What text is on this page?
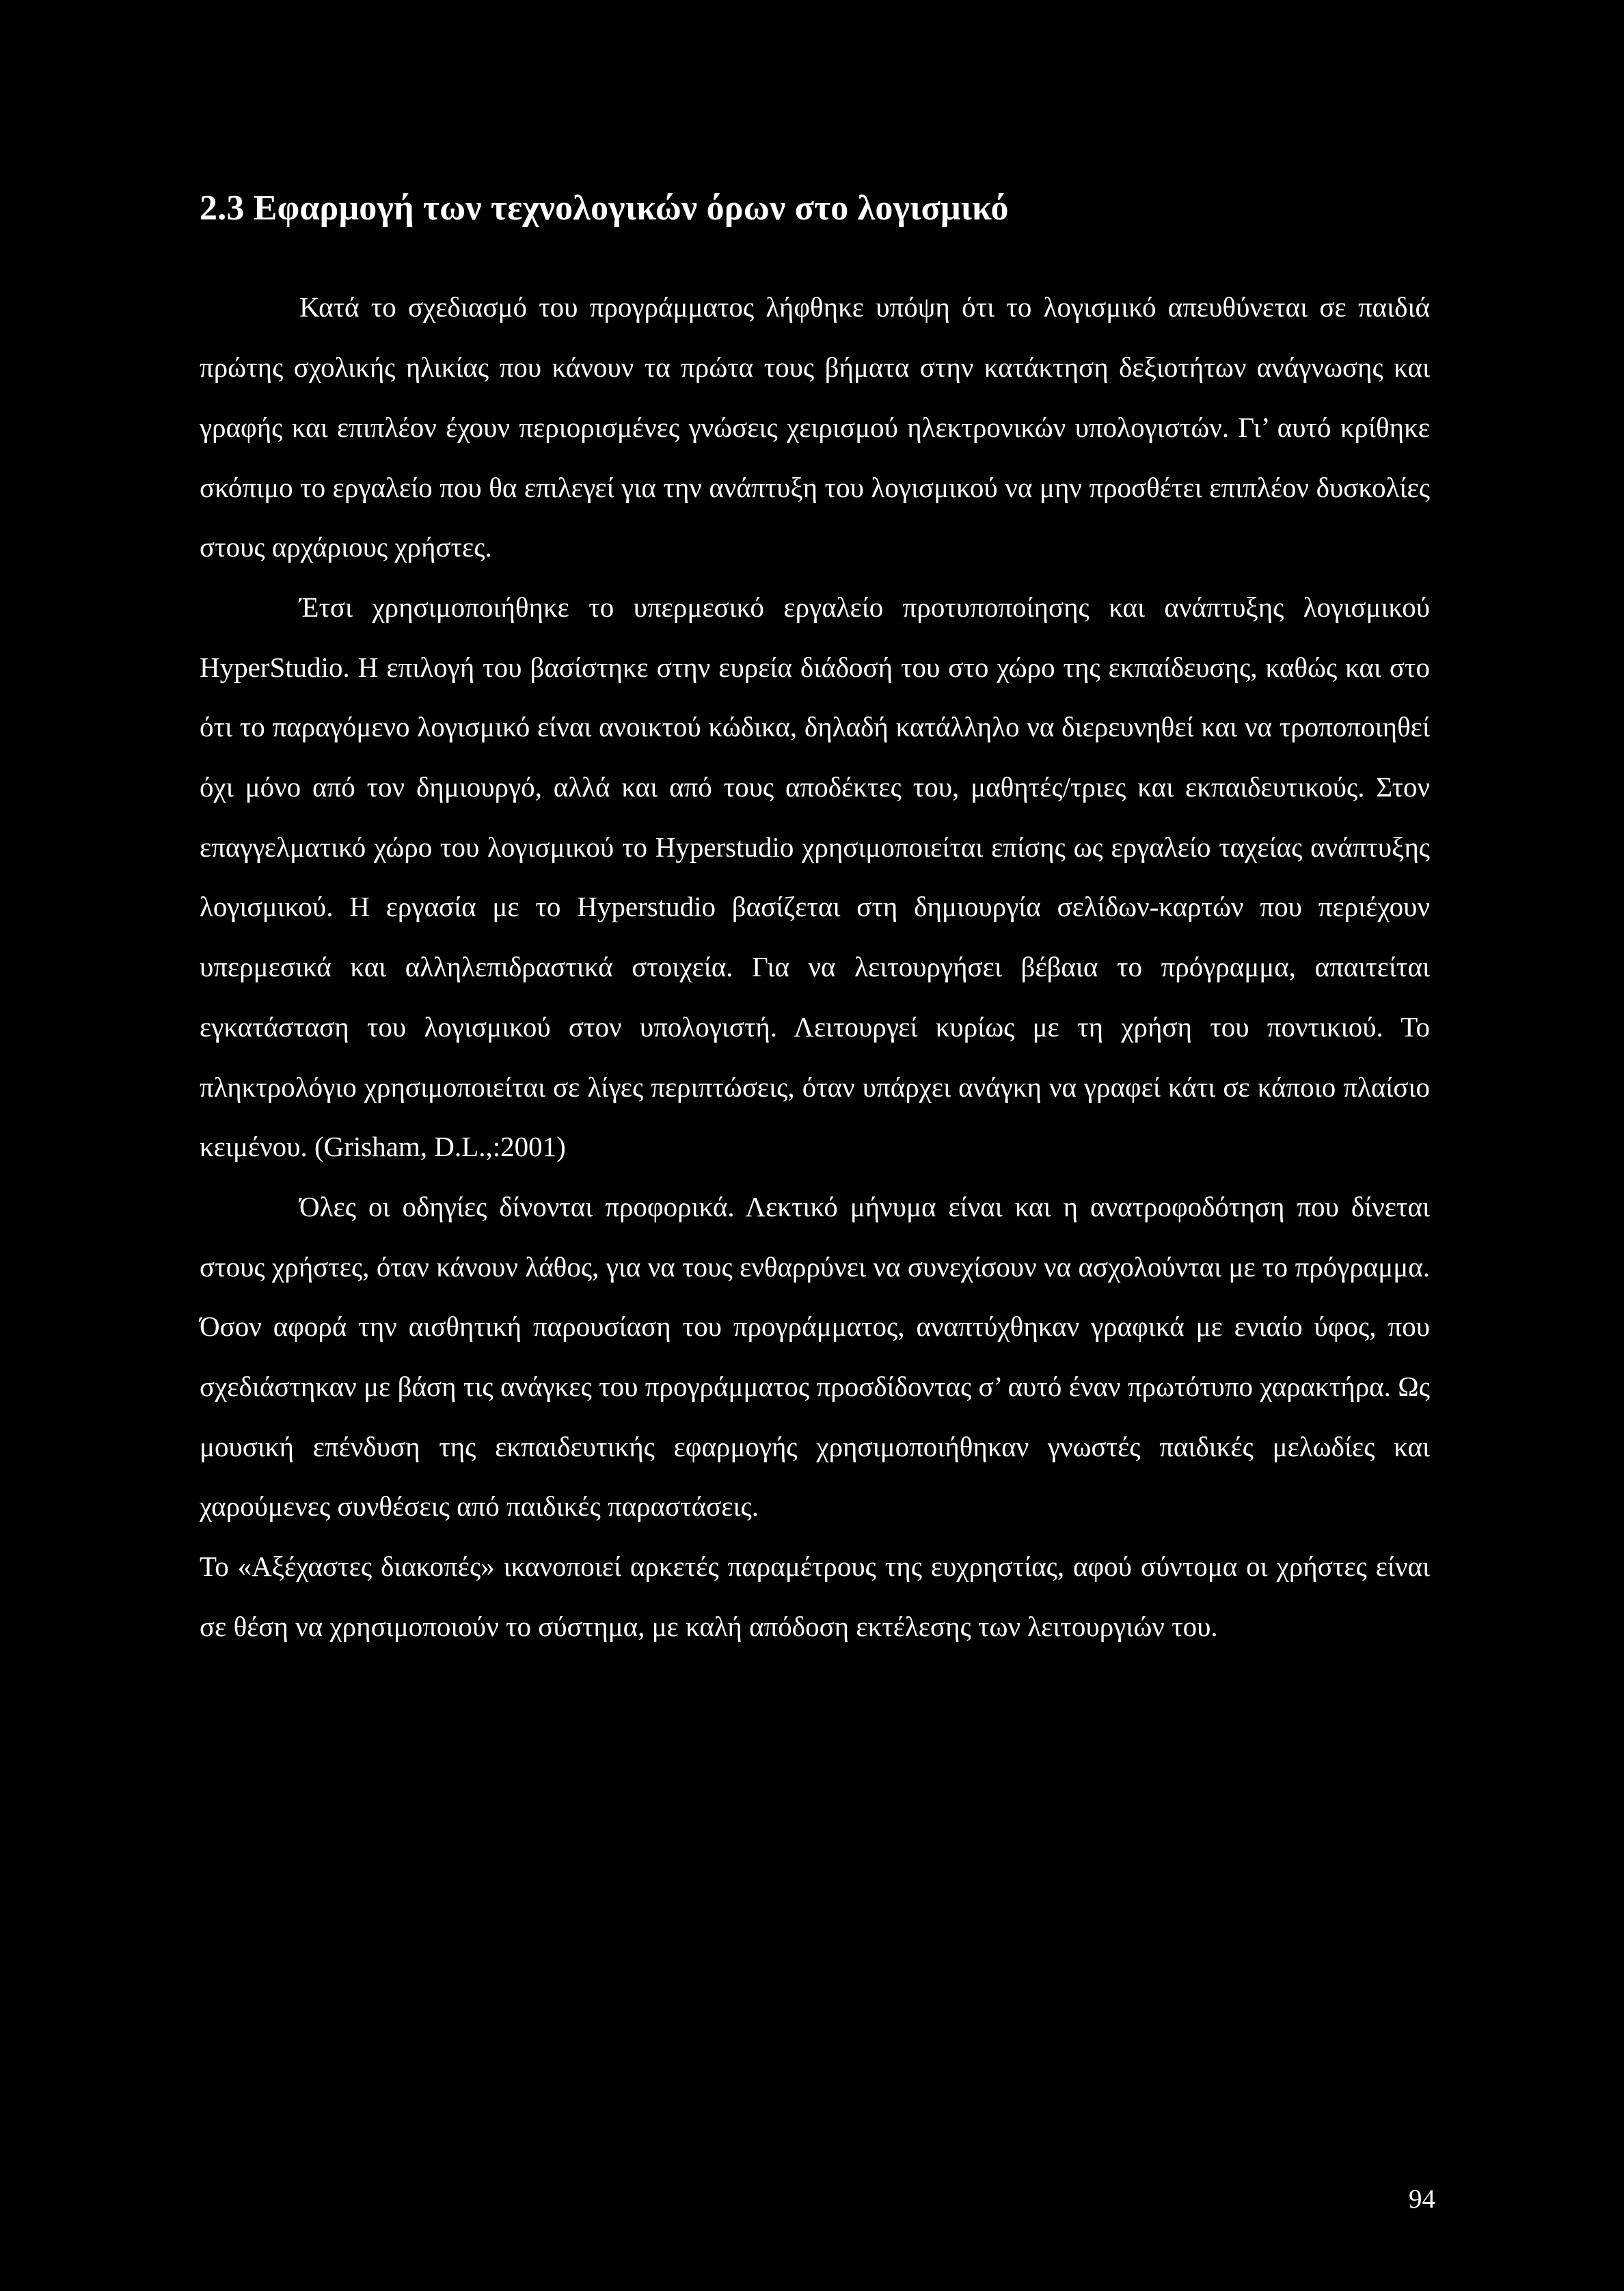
2.3 Εφαρμογή των τεχνολογικών όρων στο λογισμικό

Κατά το σχεδιασμό του προγράμματος λήφθηκε υπόψη ότι το λογισμικό απευθύνεται σε παιδιά πρώτης σχολικής ηλικίας που κάνουν τα πρώτα τους βήματα στην κατάκτηση δεξιοτήτων ανάγνωσης και γραφής και επιπλέον έχουν περιορισμένες γνώσεις χειρισμού ηλεκτρονικών υπολογιστών. Γι’ αυτό κρίθηκε σκόπιμο το εργαλείο που θα επιλεγεί για την ανάπτυξη του λογισμικού να μην προσθέτει επιπλέον δυσκολίες στους αρχάριους χρήστες.

Έτσι χρησιμοποιήθηκε το υπερμεσικό εργαλείο προτυποποίησης και ανάπτυξης λογισμικού HyperStudio. Η επιλογή του βασίστηκε στην ευρεία διάδοσή του στο χώρο της εκπαίδευσης, καθώς και στο ότι το παραγόμενο λογισμικό είναι ανοικτού κώδικα, δηλαδή κατάλληλο να διερευνηθεί και να τροποποιηθεί όχι μόνο από τον δημιουργό, αλλά και από τους αποδέκτες του, μαθητές/τριες και εκπαιδευτικούς. Στον επαγγελματικό χώρο του λογισμικού το Hyperstudio χρησιμοποιείται επίσης ως εργαλείο ταχείας ανάπτυξης λογισμικού. Η εργασία με το Hyperstudio βασίζεται στη δημιουργία σελίδων-καρτών που περιέχουν υπερμεσικά και αλληλεπιδραστικά στοιχεία. Για να λειτουργήσει βέβαια το πρόγραμμα, απαιτείται εγκατάσταση του λογισμικού στον υπολογιστή. Λειτουργεί κυρίως με τη χρήση του ποντικιού. Το πληκτρολόγιο χρησιμοποιείται σε λίγες περιπτώσεις, όταν υπάρχει ανάγκη να γραφεί κάτι σε κάποιο πλαίσιο κειμένου. (Grisham, D.L.,:2001)

Όλες οι οδηγίες δίνονται προφορικά. Λεκτικό μήνυμα είναι και η ανατροφοδότηση που δίνεται στους χρήστες, όταν κάνουν λάθος, για να τους ενθαρρύνει να συνεχίσουν να ασχολούνται με το πρόγραμμα. Όσον αφορά την αισθητική παρουσίαση του προγράμματος, αναπτύχθηκαν γραφικά με ενιαίο ύφος, που σχεδιάστηκαν με βάση τις ανάγκες του προγράμματος προσδίδοντας σ’ αυτό έναν πρωτότυπο χαρακτήρα. Ως μουσική επένδυση της εκπαιδευτικής εφαρμογής χρησιμοποιήθηκαν γνωστές παιδικές μελωδίες και χαρούμενες συνθέσεις από παιδικές παραστάσεις.

Το «Αξέχαστες διακοπές» ικανοποιεί αρκετές παραμέτρους της ευχρηστίας, αφού σύντομα οι χρήστες είναι σε θέση να χρησιμοποιούν το σύστημα, με καλή απόδοση εκτέλεσης των λειτουργιών του.

94
